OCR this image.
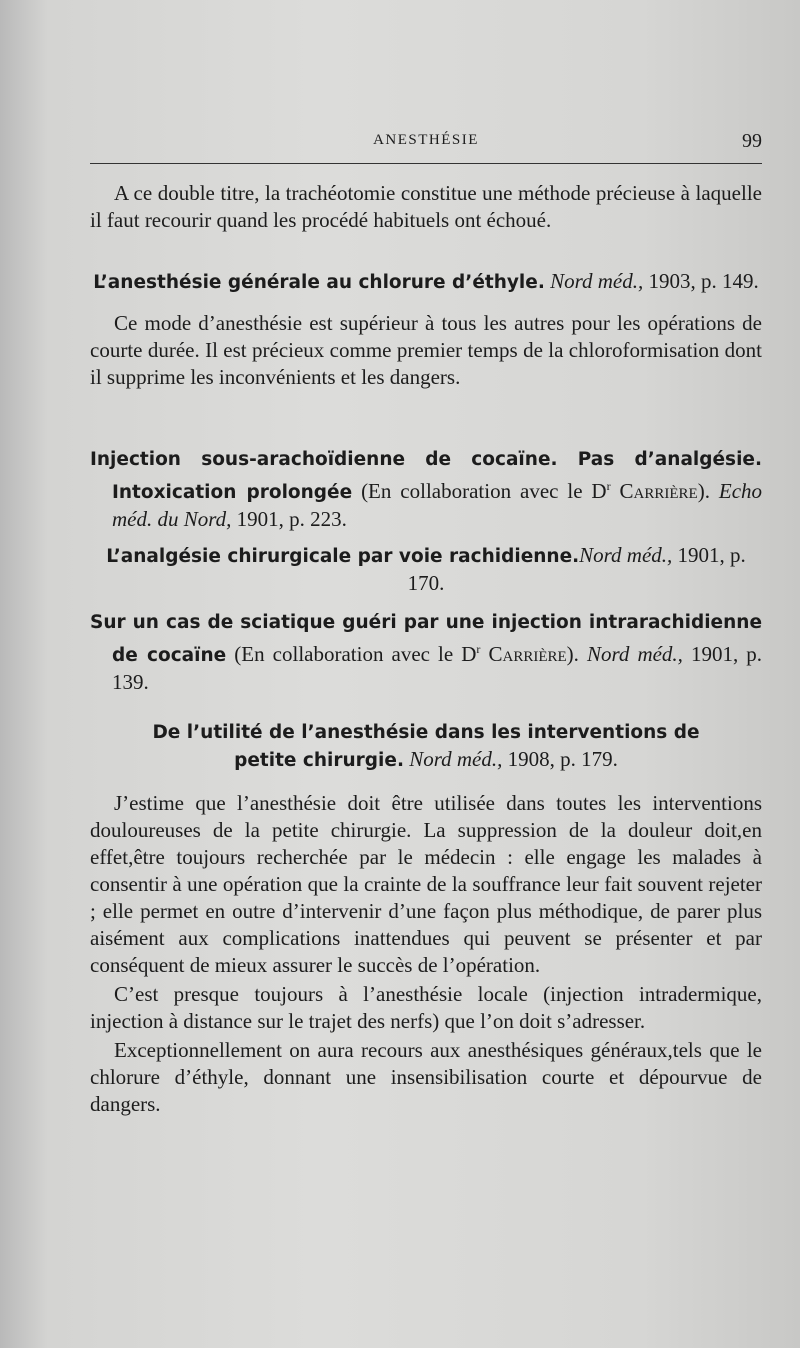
ANESTHÉSIE	99

A ce double titre, la trachéotomie constitue une méthode précieuse à laquelle il faut recourir quand les procédé habituels ont échoué.

L’anesthésie générale au chlorure d’éthyle. Nord méd., 1903, p. 149.

Ce mode d’anesthésie est supérieur à tous les autres pour les opérations de courte durée. Il est précieux comme premier temps de la chloroformisation dont il supprime les inconvénients et les dangers.

Injection sous-arachoïdienne de cocaïne. Pas d’analgésie. Intoxication prolongée (En collaboration avec le $D^r$ Carrière). Echo méd. du Nord, 1901, p. 223.

L’analgésie chirurgicale par voie rachidienne.Nord méd., 1901, p. 170.

Sur un cas de sciatique guéri par une injection intrarachidienne de cocaïne (En collaboration avec le $D^r$ Carrière). Nord méd., 1901, p. 139.

De l’utilité de l’anesthésie dans les interventions de petite chirurgie. Nord méd., 1908, p. 179.

J’estime que l’anesthésie doit être utilisée dans toutes les interventions douloureuses de la petite chirurgie. La suppression de la douleur doit,en effet,être toujours recherchée par le médecin : elle engage les malades à consentir à une opération que la crainte de la souffrance leur fait souvent rejeter ; elle permet en outre d’intervenir d’une façon plus méthodique, de parer plus aisément aux complications inattendues qui peuvent se présenter et par conséquent de mieux assurer le succès de l’opération.

C’est presque toujours à l’anesthésie locale (injection intradermique, injection à distance sur le trajet des nerfs) que l’on doit s’adresser.

Exceptionnellement on aura recours aux anesthésiques généraux,tels que le chlorure d’éthyle, donnant une insensibilisation courte et dépourvue de dangers.
